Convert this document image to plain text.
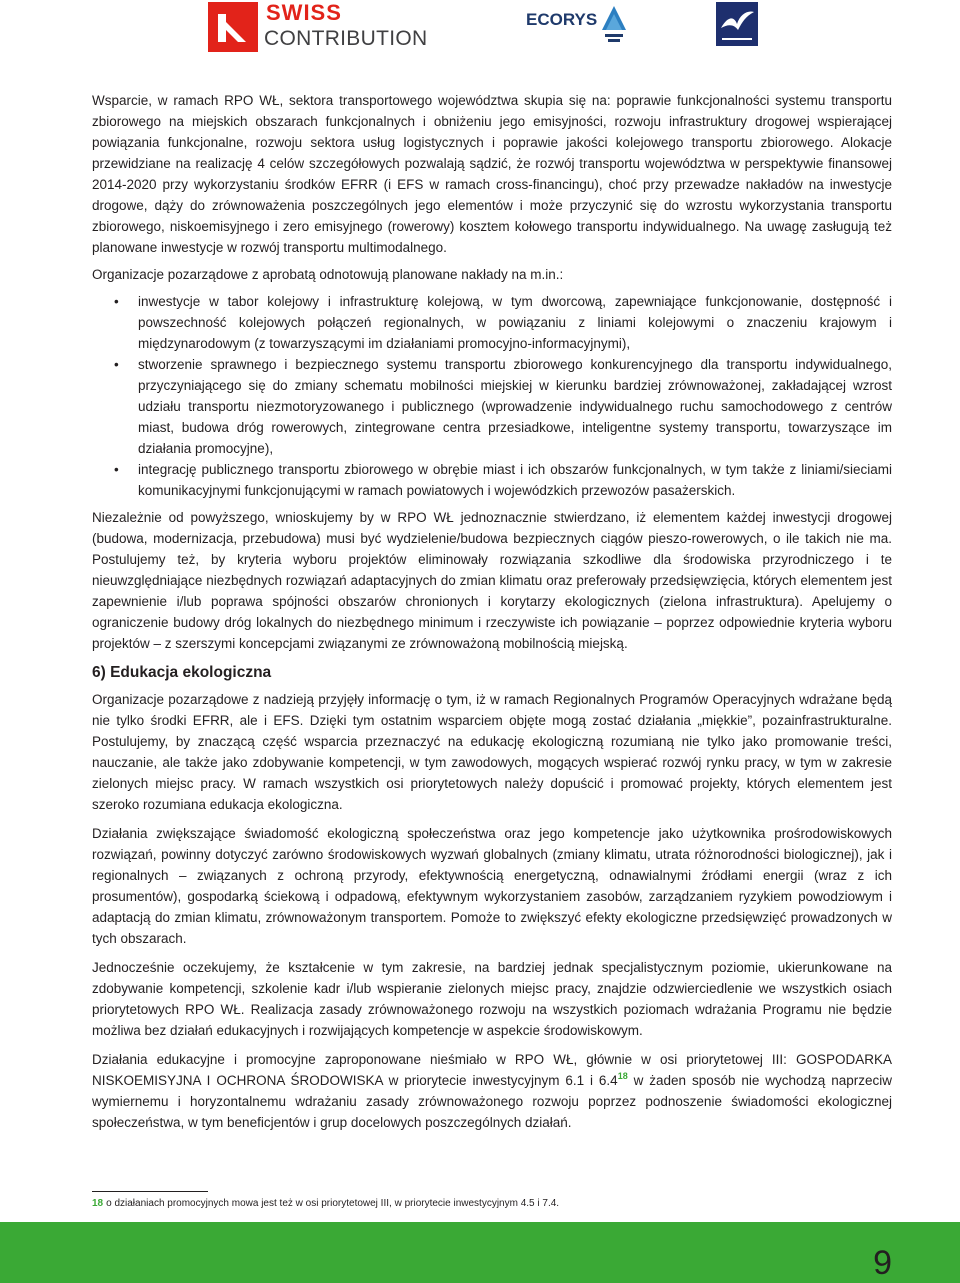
SWISS
CONTRIBUTION
ECORYS

Wsparcie, w ramach RPO WŁ, sektora transportowego województwa skupia się na: poprawie funkcjonalności systemu transportu zbiorowego na miejskich obszarach funkcjonalnych i obniżeniu jego emisyjności, rozwoju infrastruktury drogowej wspierającej powiązania funkcjonalne, rozwoju sektora usług logistycznych i poprawie jakości kolejowego transportu zbiorowego. Alokacje przewidziane na realizację 4 celów szczegółowych pozwalają sądzić, że rozwój transportu województwa w perspektywie finansowej 2014-2020 przy wykorzystaniu środków EFRR (i EFS w ramach cross-financingu), choć przy przewadze nakładów na inwestycje drogowe, dąży do zrównoważenia poszczególnych jego elementów i może przyczynić się do wzrostu wykorzystania transportu zbiorowego, niskoemisyjnego i zero emisyjnego (rowerowy) kosztem kołowego transportu indywidualnego. Na uwagę zasługują też planowane inwestycje w rozwój transportu multimodalnego.

Organizacje pozarządowe z aprobatą odnotowują planowane nakłady na m.in.:

• inwestycje w tabor kolejowy i infrastrukturę kolejową, w tym dworcową, zapewniające funkcjonowanie, dostępność i powszechność kolejowych połączeń regionalnych, w powiązaniu z liniami kolejowymi o znaczeniu krajowym i międzynarodowym (z towarzyszącymi im działaniami promocyjno-informacyjnymi),
• stworzenie sprawnego i bezpiecznego systemu transportu zbiorowego konkurencyjnego dla transportu indywidualnego, przyczyniającego się do zmiany schematu mobilności miejskiej w kierunku bardziej zrównoważonej, zakładającej wzrost udziału transportu niezmotoryzowanego i publicznego (wprowadzenie indywidualnego ruchu samochodowego z centrów miast, budowa dróg rowerowych, zintegrowane centra przesiadkowe, inteligentne systemy transportu, towarzyszące im działania promocyjne),
• integrację publicznego transportu zbiorowego w obrębie miast i ich obszarów funkcjonalnych, w tym także z liniami/sieciami komunikacyjnymi funkcjonującymi w ramach powiatowych i wojewódzkich przewozów pasażerskich.

Niezależnie od powyższego, wnioskujemy by w RPO WŁ jednoznacznie stwierdzano, iż elementem każdej inwestycji drogowej (budowa, modernizacja, przebudowa) musi być wydzielenie/budowa bezpiecznych ciągów pieszo-rowerowych, o ile takich nie ma. Postulujemy też, by kryteria wyboru projektów eliminowały rozwiązania szkodliwe dla środowiska przyrodniczego i te nieuwzględniające niezbędnych rozwiązań adaptacyjnych do zmian klimatu oraz preferowały przedsięwzięcia, których elementem jest zapewnienie i/lub poprawa spójności obszarów chronionych i korytarzy ekologicznych (zielona infrastruktura). Apelujemy o ograniczenie budowy dróg lokalnych do niezbędnego minimum i rzeczywiste ich powiązanie – poprzez odpowiednie kryteria wyboru projektów – z szerszymi koncepcjami związanymi ze zrównoważoną mobilnością miejską.

6) Edukacja ekologiczna

Organizacje pozarządowe z nadzieją przyjęły informację o tym, iż w ramach Regionalnych Programów Operacyjnych wdrażane będą nie tylko środki EFRR, ale i EFS. Dzięki tym ostatnim wsparciem objęte mogą zostać działania „miękkie”, pozainfrastrukturalne. Postulujemy, by znaczącą część wsparcia przeznaczyć na edukację ekologiczną rozumianą nie tylko jako promowanie treści, nauczanie, ale także jako zdobywanie kompetencji, w tym zawodowych, mogących wspierać rozwój rynku pracy, w tym w zakresie zielonych miejsc pracy. W ramach wszystkich osi priorytetowych należy dopuścić i promować projekty, których elementem jest szeroko rozumiana edukacja ekologiczna.

Działania zwiększające świadomość ekologiczną społeczeństwa oraz jego kompetencje jako użytkownika prośrodowiskowych rozwiązań, powinny dotyczyć zarówno środowiskowych wyzwań globalnych (zmiany klimatu, utrata różnorodności biologicznej), jak i regionalnych – związanych z ochroną przyrody, efektywnością energetyczną, odnawialnymi źródłami energii (wraz z ich prosumentów), gospodarką ściekową i odpadową, efektywnym wykorzystaniem zasobów, zarządzaniem ryzykiem powodziowym i adaptacją do zmian klimatu, zrównoważonym transportem. Pomoże to zwiększyć efekty ekologiczne przedsięwzięć prowadzonych w tych obszarach.

Jednocześnie oczekujemy, że kształcenie w tym zakresie, na bardziej jednak specjalistycznym poziomie, ukierunkowane na zdobywanie kompetencji, szkolenie kadr i/lub wspieranie zielonych miejsc pracy, znajdzie odzwierciedlenie we wszystkich osiach priorytetowych RPO WŁ. Realizacja zasady zrównoważonego rozwoju na wszystkich poziomach wdrażania Programu nie będzie możliwa bez działań edukacyjnych i rozwijających kompetencje w aspekcie środowiskowym.

Działania edukacyjne i promocyjne zaproponowane nieśmiało w RPO WŁ, głównie w osi priorytetowej III: GOSPODARKA NISKOEMISYJNA I OCHRONA ŚRODOWISKA w priorytecie inwestycyjnym 6.1 i 6.4$^{18}$ w żaden sposób nie wychodzą naprzeciw wymiernemu i horyzontalnemu wdrażaniu zasady zrównoważonego rozwoju poprzez podnoszenie świadomości ekologicznej społeczeństwa, w tym beneficjentów i grup docelowych poszczególnych działań.

18 o działaniach promocyjnych mowa jest też w osi priorytetowej III, w priorytecie inwestycyjnym 4.5 i 7.4.
9
